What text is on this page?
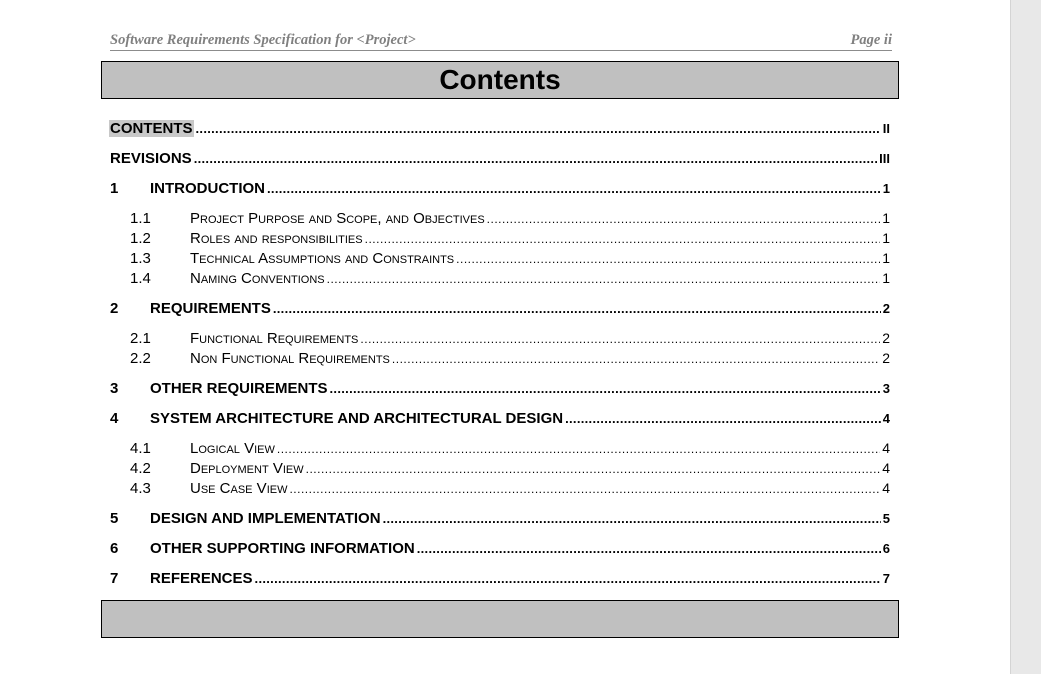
Software Requirements Specification for <Project>	Page ii
Contents
CONTENTS .....	II
REVISIONS .....	III
1	INTRODUCTION .....	1
1.1	Project Purpose and Scope, and Objectives .....	1
1.2	Roles and responsibilities .....	1
1.3	Technical Assumptions and Constraints .....	1
1.4	Naming Conventions .....	1
2	REQUIREMENTS .....	2
2.1	Functional Requirements .....	2
2.2	Non Functional Requirements .....	2
3	OTHER REQUIREMENTS .....	3
4	SYSTEM ARCHITECTURE AND ARCHITECTURAL DESIGN .....	4
4.1	Logical View .....	4
4.2	Deployment View .....	4
4.3	Use Case View .....	4
5	DESIGN AND IMPLEMENTATION .....	5
6	OTHER SUPPORTING INFORMATION .....	6
7	REFERENCES .....	7
